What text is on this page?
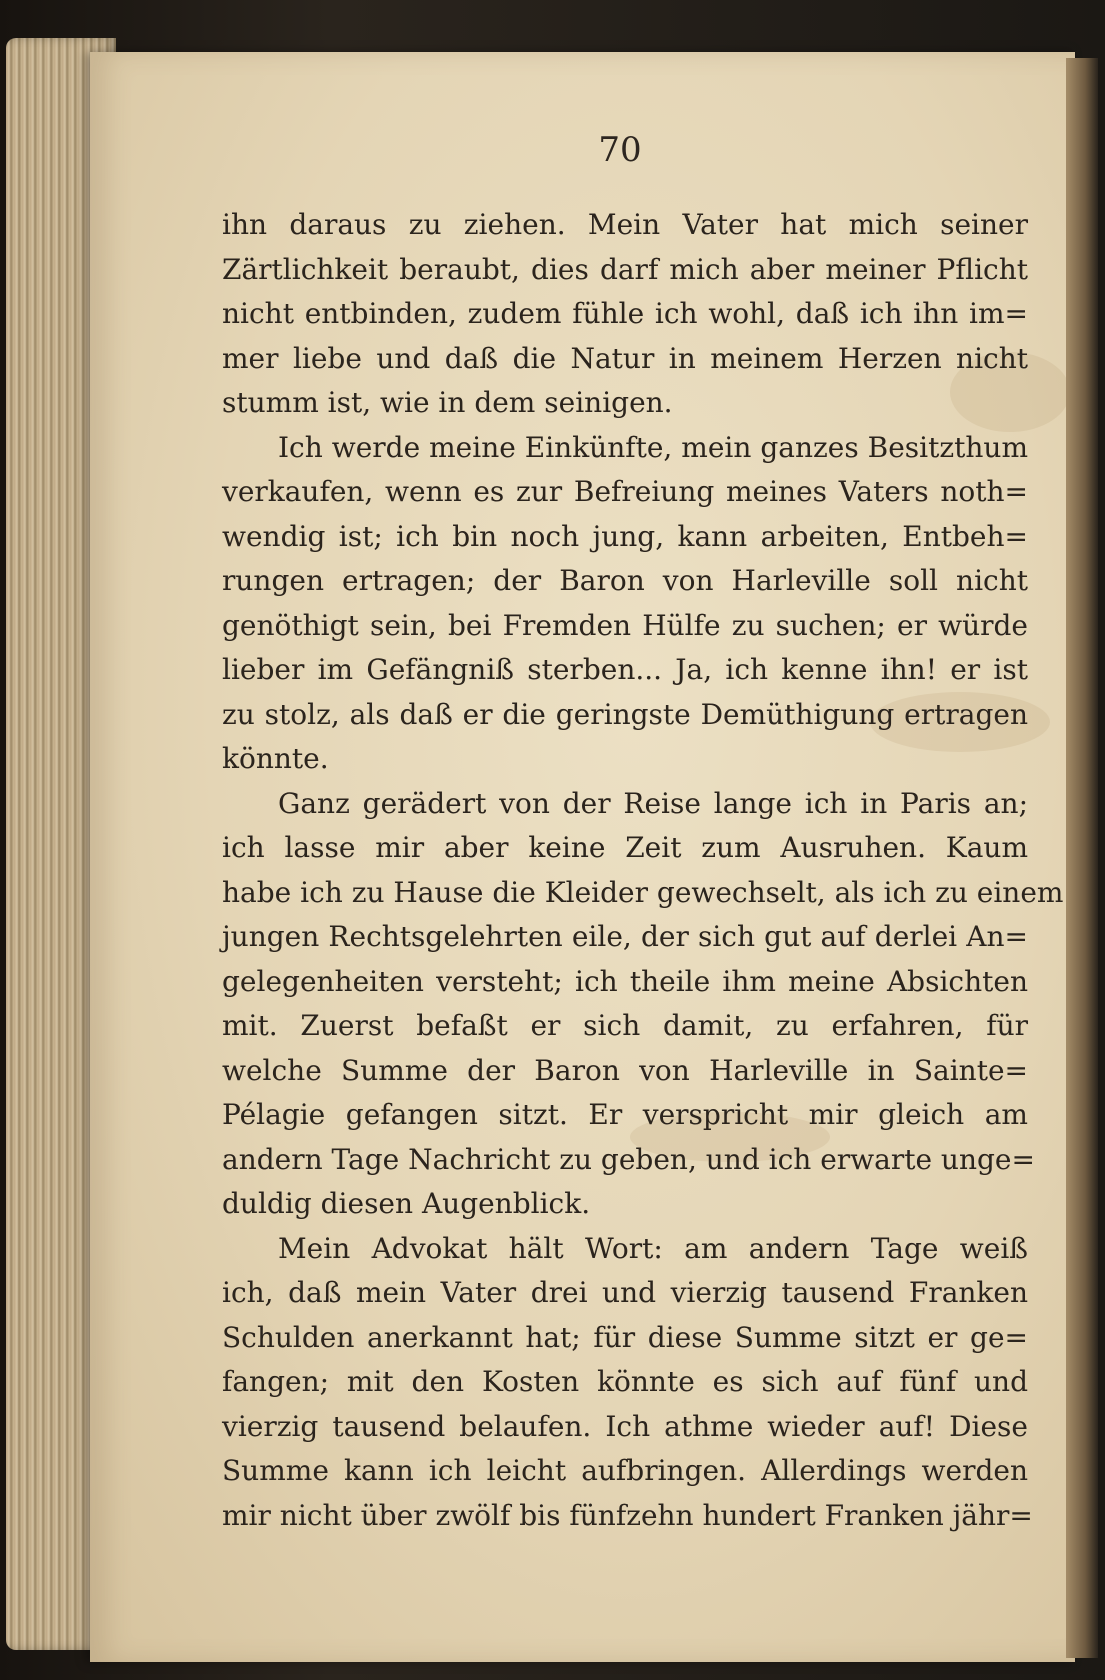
70
ihn daraus zu ziehen. Mein Vater hat mich seiner
Zärtlichkeit beraubt, dies darf mich aber meiner Pflicht
nicht entbinden, zudem fühle ich wohl, daß ich ihn im=
mer liebe und daß die Natur in meinem Herzen nicht
stumm ist, wie in dem seinigen.
Ich werde meine Einkünfte, mein ganzes Besitzthum
verkaufen, wenn es zur Befreiung meines Vaters noth=
wendig ist; ich bin noch jung, kann arbeiten, Entbeh=
rungen ertragen; der Baron von Harleville soll nicht
genöthigt sein, bei Fremden Hülfe zu suchen; er würde
lieber im Gefängniß sterben... Ja, ich kenne ihn! er ist
zu stolz, als daß er die geringste Demüthigung ertragen
könnte.
Ganz gerädert von der Reise lange ich in Paris an;
ich lasse mir aber keine Zeit zum Ausruhen. Kaum
habe ich zu Hause die Kleider gewechselt, als ich zu einem
jungen Rechtsgelehrten eile, der sich gut auf derlei An=
gelegenheiten versteht; ich theile ihm meine Absichten
mit. Zuerst befaßt er sich damit, zu erfahren, für
welche Summe der Baron von Harleville in Sainte=
Pélagie gefangen sitzt. Er verspricht mir gleich am
andern Tage Nachricht zu geben, und ich erwarte unge=
duldig diesen Augenblick.
Mein Advokat hält Wort: am andern Tage weiß
ich, daß mein Vater drei und vierzig tausend Franken
Schulden anerkannt hat; für diese Summe sitzt er ge=
fangen; mit den Kosten könnte es sich auf fünf und
vierzig tausend belaufen. Ich athme wieder auf! Diese
Summe kann ich leicht aufbringen. Allerdings werden
mir nicht über zwölf bis fünfzehn hundert Franken jähr=
